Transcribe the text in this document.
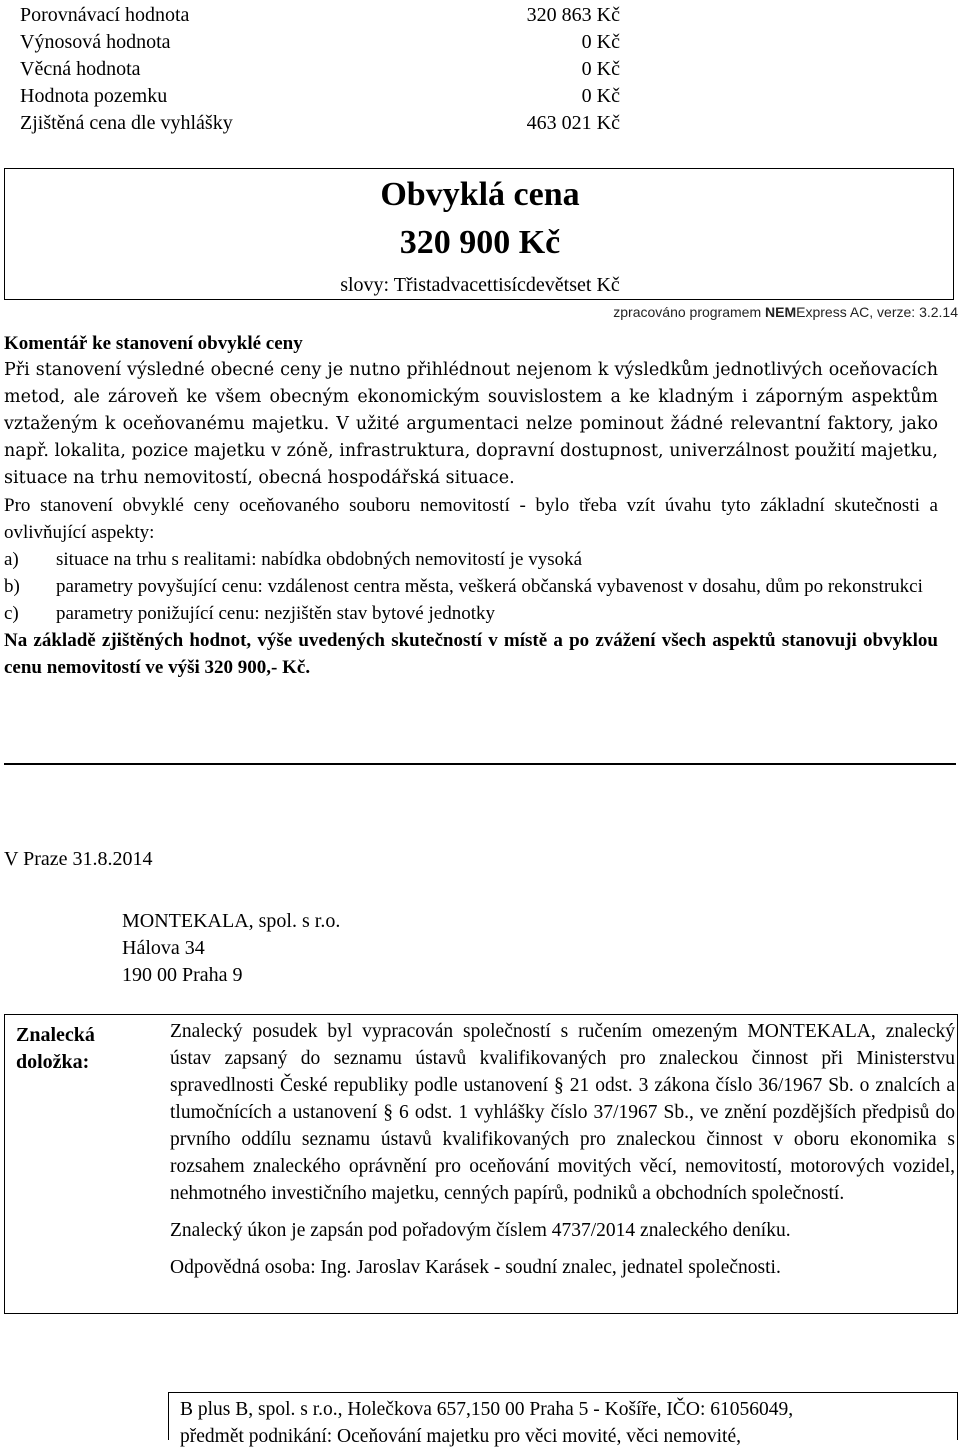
Porovnávací hodnota	320 863 Kč
Výnosová hodnota	0 Kč
Věcná hodnota	0 Kč
Hodnota pozemku	0 Kč
Zjištěná cena dle vyhlášky	463 021 Kč
Obvyklá cena
320 900 Kč
slovy: Třistadvacettisícdevětset Kč
zpracováno programem NEMExpress AC, verze: 3.2.14

Komentář ke stanovení obvyklé ceny

Při stanovení výsledné obecné ceny je nutno přihlédnout nejenom k výsledkům jednotlivých oceňovacích metod, ale zároveň ke všem obecným ekonomickým souvislostem a ke kladným i záporným aspektům vztaženým k oceňovanému majetku. V užité argumentaci nelze pominout žádné relevantní faktory, jako např. lokalita, pozice majetku v zóně, infrastruktura, dopravní dostupnost, univerzálnost použití majetku, situace na trhu nemovitostí, obecná hospodářská situace.

Pro stanovení obvyklé ceny oceňovaného souboru nemovitostí - bylo třeba vzít úvahu tyto základní skutečnosti a ovlivňující aspekty:

a)	situace na trhu s realitami: nabídka obdobných nemovitostí je vysoká

b) parametry povyšující cenu: vzdálenost centra města, veškerá občanská vybavenost v dosahu, dům po rekonstrukci

c)	parametry ponižující cenu: nezjištěn stav bytové jednotky

Na základě zjištěných hodnot, výše uvedených skutečností v místě a po zvážení všech aspektů stanovuji obvyklou cenu nemovitostí ve výši 320 900,- Kč.

V Praze 31.8.2014
MONTEKALA, spol. s r.o.
Hálova 34
190 00 Praha 9
Znalecká
doložka:

Znalecký posudek byl vypracován společností s ručením omezeným MONTEKALA, znalecký ústav zapsaný do seznamu ústavů kvalifikovaných pro znaleckou činnost při Ministerstvu spravedlnosti České republiky podle ustanovení § 21 odst. 3 zákona číslo 36/1967 Sb. o znalcích a tlumočnících a ustanovení § 6 odst. 1 vyhlášky číslo 37/1967 Sb., ve znění pozdějších předpisů do prvního oddílu seznamu ústavů kvalifikovaných pro znaleckou činnost v oboru ekonomika s rozsahem znaleckého oprávnění pro oceňování movitých věcí, nemovitostí, motorových vozidel, nehmotného investičního majetku, cenných papírů, podniků a obchodních společností.

Znalecký úkon je zapsán pod pořadovým číslem 4737/2014 znaleckého deníku.

Odpovědná osoba: Ing. Jaroslav Karásek - soudní znalec, jednatel společnosti.

B plus B, spol. s r.o., Holečkova 657,150 00 Praha 5 - Košíře, IČO: 61056049,
předmět podnikání: Oceňování majetku pro věci movité, věci nemovité,
